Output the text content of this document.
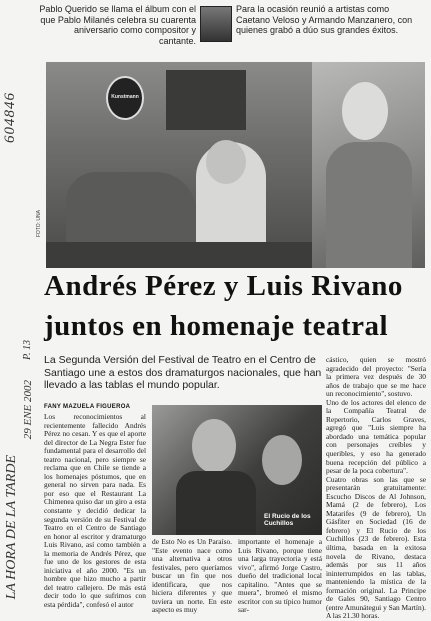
Pablo Querido se llama el álbum con el que Pablo Milanés celebra su cuarenta aniversario como compositor y cantante.
Para la ocasión reunió a artistas como Caetano Veloso y Armando Manzanero, con quienes grabó a dúo sus grandes éxitos.
604846	Kunstmann
FOTO: UNA
Andrés Pérez y Luis Rivano
juntos en homenaje teatral
La Segunda Versión del Festival de Teatro en el Centro de Santiago une a estos dos dramaturgos nacionales, que han llevado a las tablas el mundo popular.
LA HORA DE LA TARDE
29 ENE 2002
P. 13
FANY MAZUELA FIGUEROA
Los reconocimientos al recientemente fallecido Andrés Pérez no cesan. Y es que el aporte del director de La Negra Ester fue fundamental para el desarrollo del teatro nacional, pero siempre se reclama que en Chile se tiende a los homenajes póstumos, que en general no sirven para nada. Es por eso que el Restaurant La Chimenea quiso dar un giro a esta constante y decidió dedicar la segunda versión de su Festival de Teatro en el Centro de Santiago en honor al escritor y dramaturgo Luis Rivano, así como también a la memoria de Andrés Pérez, que fue uno de los gestores de esta iniciativa el año 2000. "Es un hombre que hizo mucho a partir del teatro callejero. De más está decir todo lo que sufrimos con esta pérdida", confesó el autor
El Rucio de los Cuchillos
de Esto No es Un Paraíso. "Este evento nace como una alternativa a otros festivales, pero queríamos buscar un fin que nos identificara, que nos hiciera diferentes y que tuviera un norte. En este aspecto es muy
importante el homenaje a Luis Rivano, porque tiene una larga trayectoria y está vivo", afirmó Jorge Castro, dueño del tradicional local capitalino. "Antes que se muera", bromeó el mismo escritor con su típico humor sar-
cástico, quien se mostró agradecido del proyecto: "Sería la primera vez después de 30 años de trabajo que se me hace un reconocimiento", sostuvo.
Uno de los actores del elenco de la Compañía Teatral de Repertorio, Carlos Graves, agregó que "Luis siempre ha abordado una temática popular con personajes creíbles y queribles, y eso ha generado buena recepción del público a pesar de la poca cobertura".
Cuatro obras son las que se presentarán gratuitamente: Escucho Discos de Al Johnson, Mamá (2 de febrero), Los Matarifes (9 de febrero), Un Gásfiter en Sociedad (16 de febrero) y El Rucio de los Cuchillos (23 de febrero). Esta última, basada en la exitosa novela de Rivano, destaca además por sus 11 años ininterrumpidos en las tablas, manteniendo la mística de la formación original. La Principe de Gales 90, Santiago Centro (entre Amunátegui y San Martín). A las 21.30 horas.
